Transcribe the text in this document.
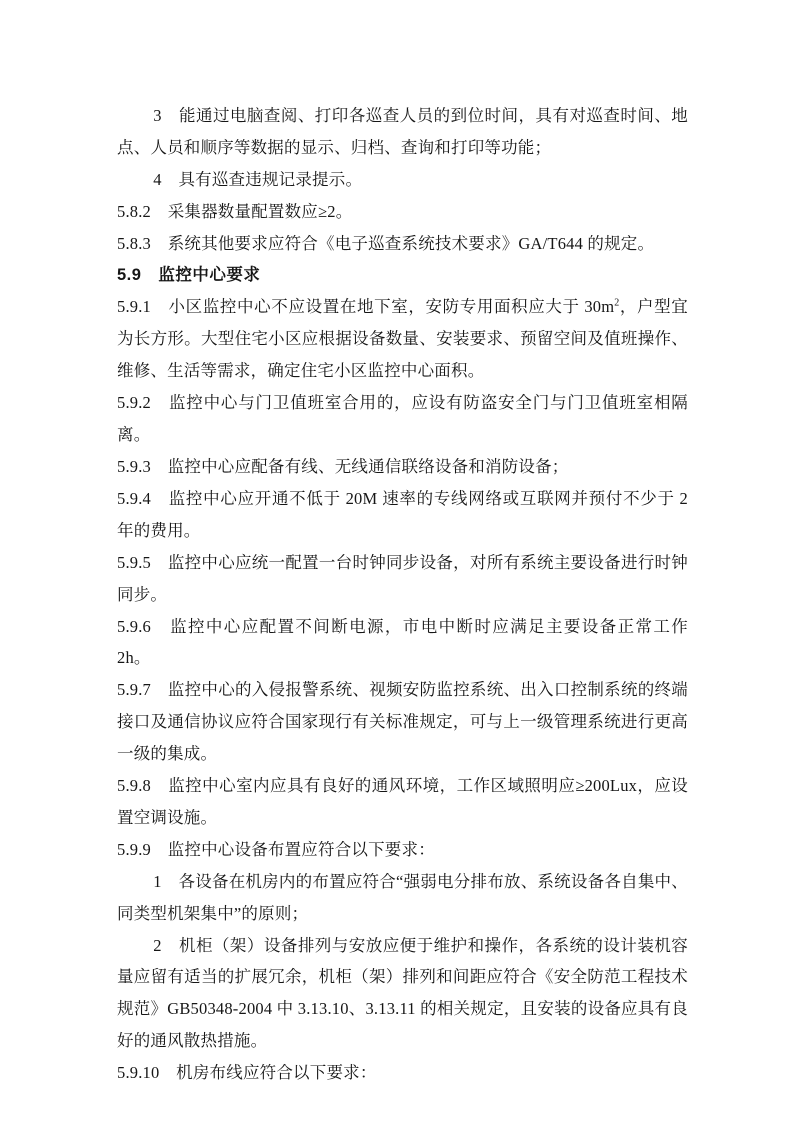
3　能通过电脑查阅、打印各巡查人员的到位时间，具有对巡查时间、地点、人员和顺序等数据的显示、归档、查询和打印等功能；

4　具有巡查违规记录提示。

5.8.2　采集器数量配置数应≥2。

5.8.3　系统其他要求应符合《电子巡查系统技术要求》GA/T644 的规定。

5.9　监控中心要求

5.9.1　小区监控中心不应设置在地下室，安防专用面积应大于 $30m^2$，户型宜为长方形。大型住宅小区应根据设备数量、安装要求、预留空间及值班操作、维修、生活等需求，确定住宅小区监控中心面积。

5.9.2　监控中心与门卫值班室合用的，应设有防盗安全门与门卫值班室相隔离。

5.9.3　监控中心应配备有线、无线通信联络设备和消防设备；

5.9.4　监控中心应开通不低于 20M 速率的专线网络或互联网并预付不少于 2 年的费用。

5.9.5　监控中心应统一配置一台时钟同步设备，对所有系统主要设备进行时钟同步。

5.9.6　监控中心应配置不间断电源，市电中断时应满足主要设备正常工作 2h。

5.9.7　监控中心的入侵报警系统、视频安防监控系统、出入口控制系统的终端接口及通信协议应符合国家现行有关标准规定，可与上一级管理系统进行更高一级的集成。

5.9.8　监控中心室内应具有良好的通风环境，工作区域照明应≥200Lux，应设置空调设施。

5.9.9　监控中心设备布置应符合以下要求：

1　各设备在机房内的布置应符合“强弱电分排布放、系统设备各自集中、同类型机架集中”的原则；

2　机柜（架）设备排列与安放应便于维护和操作，各系统的设计装机容量应留有适当的扩展冗余，机柜（架）排列和间距应符合《安全防范工程技术规范》GB50348-2004 中 3.13.10、3.13.11 的相关规定，且安装的设备应具有良好的通风散热措施。

5.9.10　机房布线应符合以下要求：
